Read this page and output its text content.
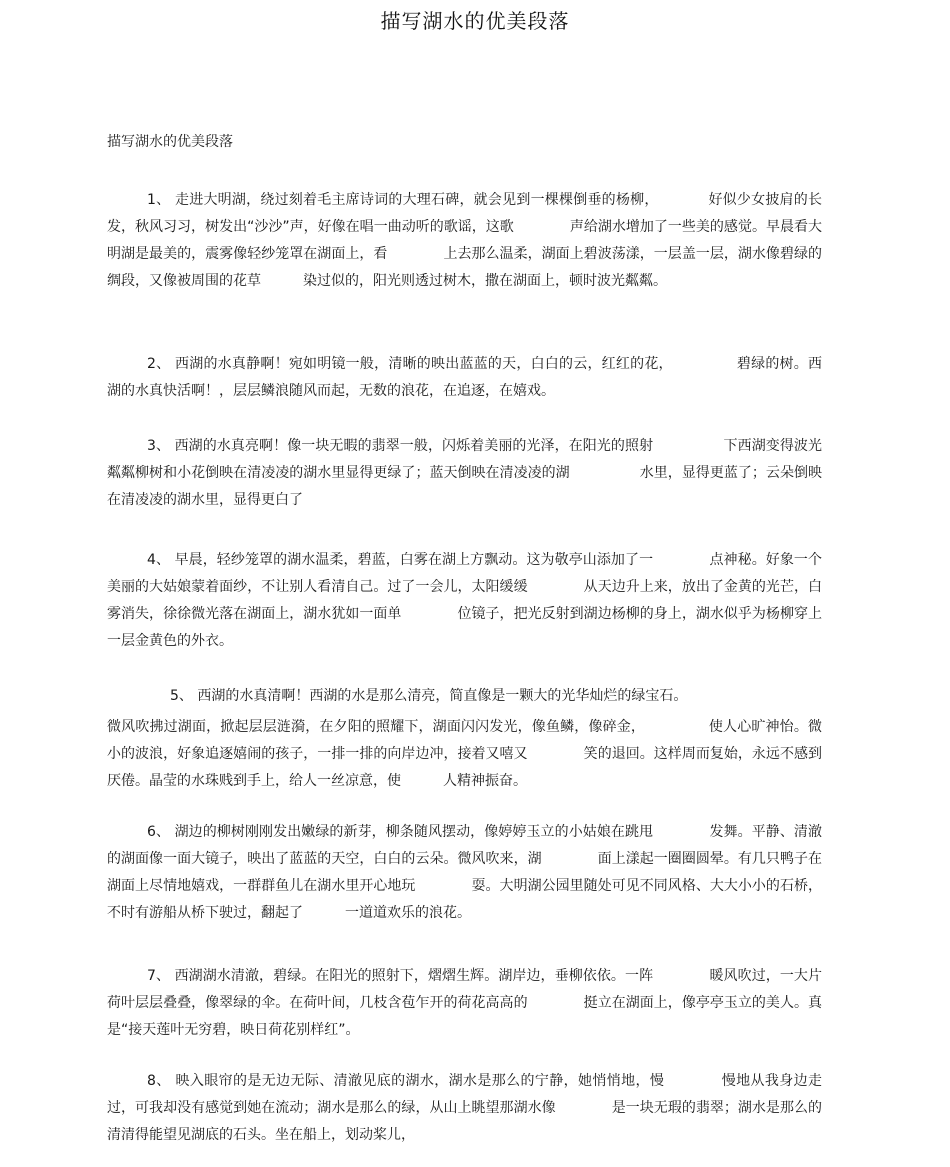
描写湖水的优美段落
描写湖水的优美段落

1、 走进大明湖，绕过刻着毛主席诗词的大理石碑，就会见到一棵棵倒垂的杨柳，　　　　好似少女披肩的长发，秋风习习，树发出“沙沙”声，好像在唱一曲动听的歌谣，这歌　　　　声给湖水增加了一些美的感觉。早晨看大明湖是最美的，震雾像轻纱笼罩在湖面上，看　　　　上去那么温柔，湖面上碧波荡漾，一层盖一层，湖水像碧绿的绸段，又像被周围的花草　　　染过似的，阳光则透过树木，撒在湖面上，顿时波光粼粼。

2、 西湖的水真静啊！宛如明镜一般，清晰的映出蓝蓝的天，白白的云，红红的花，　　　　　碧绿的树。西湖的水真快活啊！，层层鳞浪随风而起，无数的浪花，在追逐，在嬉戏。

3、 西湖的水真亮啊！像一块无暇的翡翠一般，闪烁着美丽的光泽，在阳光的照射　　　　　下西湖变得波光粼粼柳树和小花倒映在清凌凌的湖水里显得更绿了；蓝天倒映在清凌凌的湖　　　　　水里，显得更蓝了；云朵倒映在清凌凌的湖水里，显得更白了

4、 早晨，轻纱笼罩的湖水温柔，碧蓝，白雾在湖上方飘动。这为敬亭山添加了一　　　　点神秘。好象一个美丽的大姑娘蒙着面纱，不让别人看清自己。过了一会儿，太阳缓缓　　　　从天边升上来，放出了金黄的光芒，白雾消失，徐徐微光落在湖面上，湖水犹如一面单　　　　位镜子，把光反射到湖边杨柳的身上，湖水似乎为杨柳穿上一层金黄色的外衣。

5、 西湖的水真清啊！西湖的水是那么清亮，简直像是一颗大的光华灿烂的绿宝石。

微风吹拂过湖面，掀起层层涟漪，在夕阳的照耀下，湖面闪闪发光，像鱼鳞，像碎金，　　　　　使人心旷神怡。微小的波浪，好象追逐嬉闹的孩子，一排一排的向岸边冲，接着又嘻又　　　　笑的退回。这样周而复始，永远不感到厌倦。晶莹的水珠贱到手上，给人一丝凉意，使　　　人精神振奋。

6、 湖边的柳树刚刚发出嫩绿的新芽，柳条随风摆动，像婷婷玉立的小姑娘在跳甩　　　　发舞。平静、清澈的湖面像一面大镜子，映出了蓝蓝的天空，白白的云朵。微风吹来，湖　　　　面上漾起一圈圈圆晕。有几只鸭子在湖面上尽情地嬉戏，一群群鱼儿在湖水里开心地玩　　　　耍。大明湖公园里随处可见不同风格、大大小小的石桥，不时有游船从桥下驶过，翻起了　　　一道道欢乐的浪花。

7、 西湖湖水清澈，碧绿。在阳光的照射下，熠熠生辉。湖岸边，垂柳依依。一阵　　　　暖风吹过，一大片荷叶层层叠叠，像翠绿的伞。在荷叶间，几枝含苞乍开的荷花高高的　　　　挺立在湖面上，像亭亭玉立的美人。真是“接天莲叶无穷碧，映日荷花别样红”。

8、 映入眼帘的是无边无际、清澈见底的湖水，湖水是那么的宁静，她悄悄地，慢　　　　慢地从我身边走过，可我却没有感觉到她在流动；湖水是那么的绿，从山上眺望那湖水像　　　　是一块无瑕的翡翠；湖水是那么的清清得能望见湖底的石头。坐在船上，划动桨儿，
